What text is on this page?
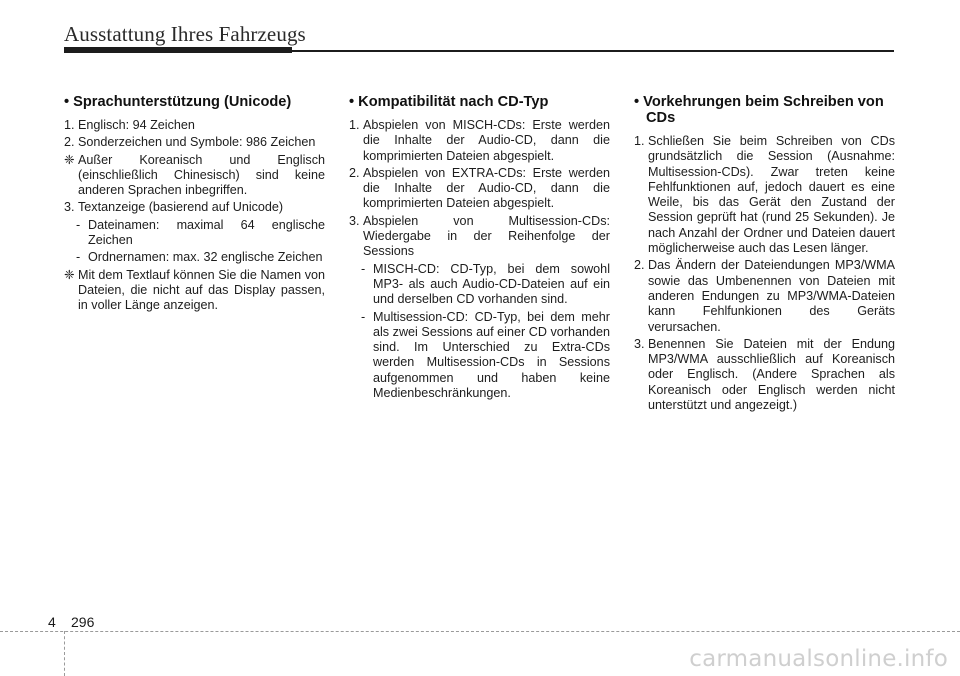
Ausstattung Ihres Fahrzeugs
• Sprachunterstützung (Unicode)
1. Englisch: 94 Zeichen
2. Sonderzeichen und Symbole: 986 Zeichen
❈ Außer Koreanisch und Englisch (einschließlich Chinesisch) sind keine anderen Sprachen inbegriffen.
3. Textanzeige (basierend auf Unicode)
- Dateinamen: maximal 64 englische Zeichen
- Ordnernamen: max. 32 englische Zeichen
❈ Mit dem Textlauf können Sie die Namen von Dateien, die nicht auf das Display passen, in voller Länge anzeigen.
• Kompatibilität nach CD-Typ
1. Abspielen von MISCH-CDs: Erste werden die Inhalte der Audio-CD, dann die komprimierten Dateien abgespielt.
2. Abspielen von EXTRA-CDs: Erste werden die Inhalte der Audio-CD, dann die komprimierten Dateien abgespielt.
3. Abspielen von Multisession-CDs: Wiedergabe in der Reihenfolge der Sessions
- MISCH-CD: CD-Typ, bei dem sowohl MP3- als auch Audio-CD-Dateien auf ein und derselben CD vorhanden sind.
- Multisession-CD: CD-Typ, bei dem mehr als zwei Sessions auf einer CD vorhanden sind. Im Unterschied zu Extra-CDs werden Multisession-CDs in Sessions aufgenommen und haben keine Medienbeschränkungen.
• Vorkehrungen beim Schreiben von CDs
1. Schließen Sie beim Schreiben von CDs grundsätzlich die Session (Ausnahme: Multisession-CDs). Zwar treten keine Fehlfunktionen auf, jedoch dauert es eine Weile, bis das Gerät den Zustand der Session geprüft hat (rund 25 Sekunden). Je nach Anzahl der Ordner und Dateien dauert möglicherweise auch das Lesen länger.
2. Das Ändern der Dateiendungen MP3/WMA sowie das Umbenennen von Dateien mit anderen Endungen zu MP3/WMA-Dateien kann Fehlfunkionen des Geräts verursachen.
3. Benennen Sie Dateien mit der Endung MP3/WMA ausschließlich auf Koreanisch oder Englisch. (Andere Sprachen als Koreanisch oder Englisch werden nicht unterstützt und angezeigt.)
4 296
carmanualsonline.info
